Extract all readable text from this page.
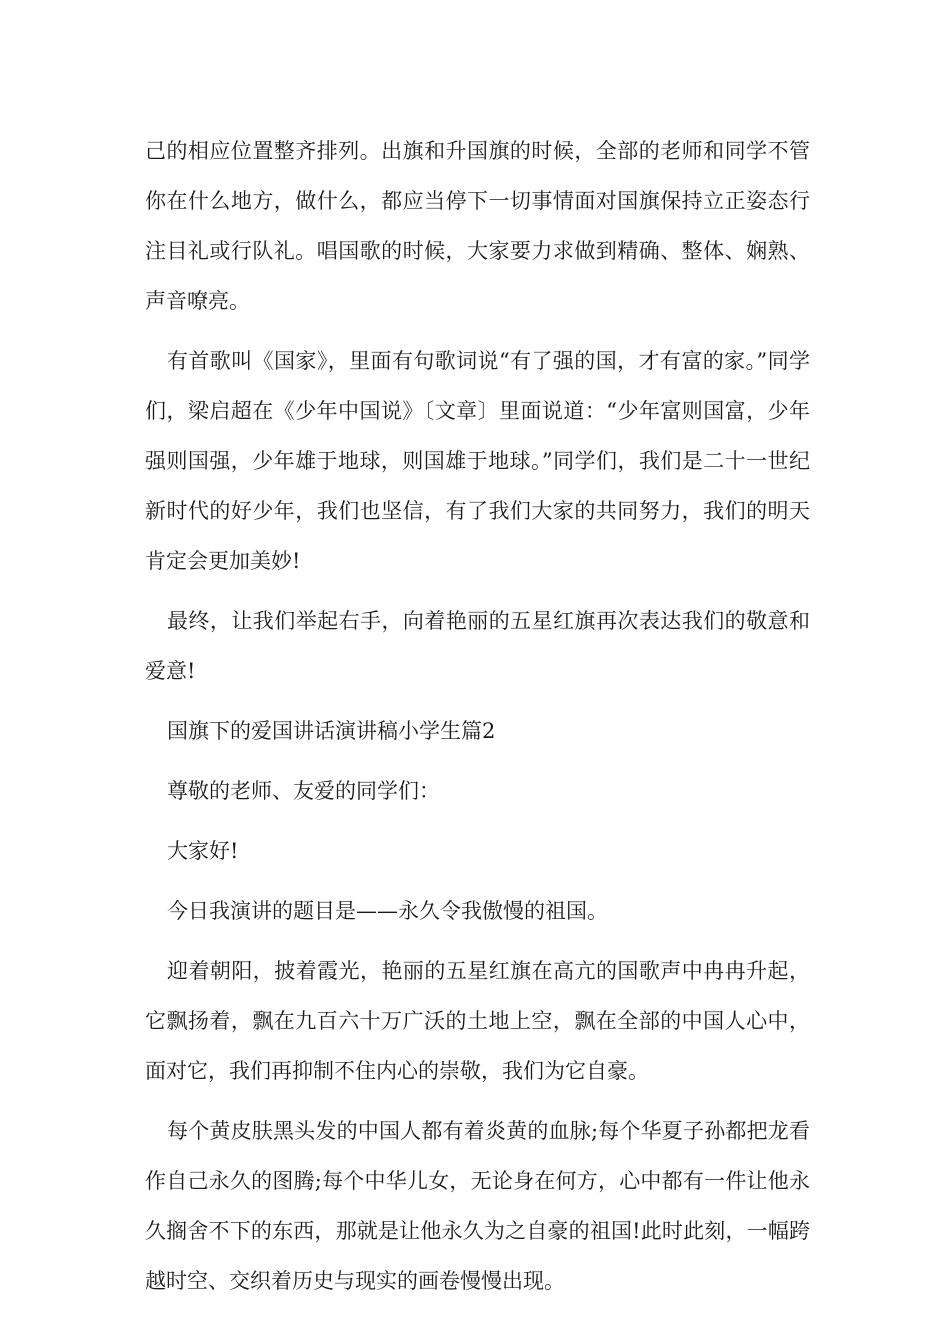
己的相应位置整齐排列。出旗和升国旗的时候，全部的老师和同学不管你在什么地方，做什么，都应当停下一切事情面对国旗保持立正姿态行注目礼或行队礼。唱国歌的时候，大家要力求做到精确、整体、娴熟、声音嘹亮。

有首歌叫《国家》，里面有句歌词说“有了强的国，才有富的家。”同学们，梁启超在《少年中国说》〔文章〕里面说道：“少年富则国富，少年强则国强，少年雄于地球，则国雄于地球。”同学们，我们是二十一世纪新时代的好少年，我们也坚信，有了我们大家的共同努力，我们的明天肯定会更加美妙!

最终，让我们举起右手，向着艳丽的五星红旗再次表达我们的敬意和爱意!

国旗下的爱国讲话演讲稿小学生篇2

尊敬的老师、友爱的同学们：

大家好!

今日我演讲的题目是——永久令我傲慢的祖国。

迎着朝阳，披着霞光，艳丽的五星红旗在高亢的国歌声中冉冉升起，它飘扬着，飘在九百六十万广沃的土地上空，飘在全部的中国人心中，面对它，我们再抑制不住内心的崇敬，我们为它自豪。

每个黄皮肤黑头发的中国人都有着炎黄的血脉;每个华夏子孙都把龙看作自己永久的图腾;每个中华儿女，无论身在何方，心中都有一件让他永久搁舍不下的东西，那就是让他永久为之自豪的祖国!此时此刻，一幅跨越时空、交织着历史与现实的画卷慢慢出现。
